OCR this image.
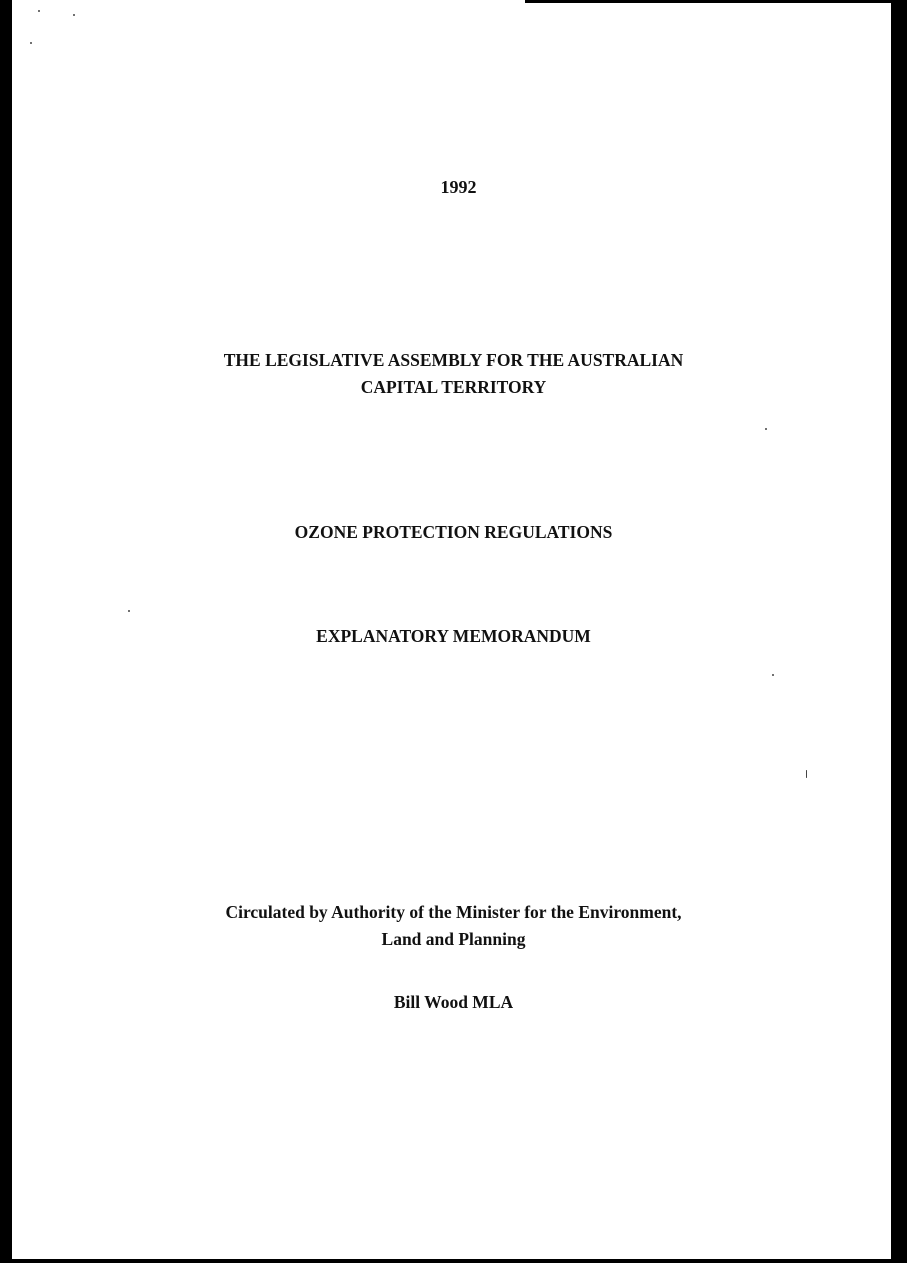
1992
THE LEGISLATIVE ASSEMBLY FOR THE AUSTRALIAN
CAPITAL TERRITORY
OZONE PROTECTION REGULATIONS
EXPLANATORY MEMORANDUM
Circulated by Authority of the Minister for the Environment,
Land and Planning
Bill Wood MLA
